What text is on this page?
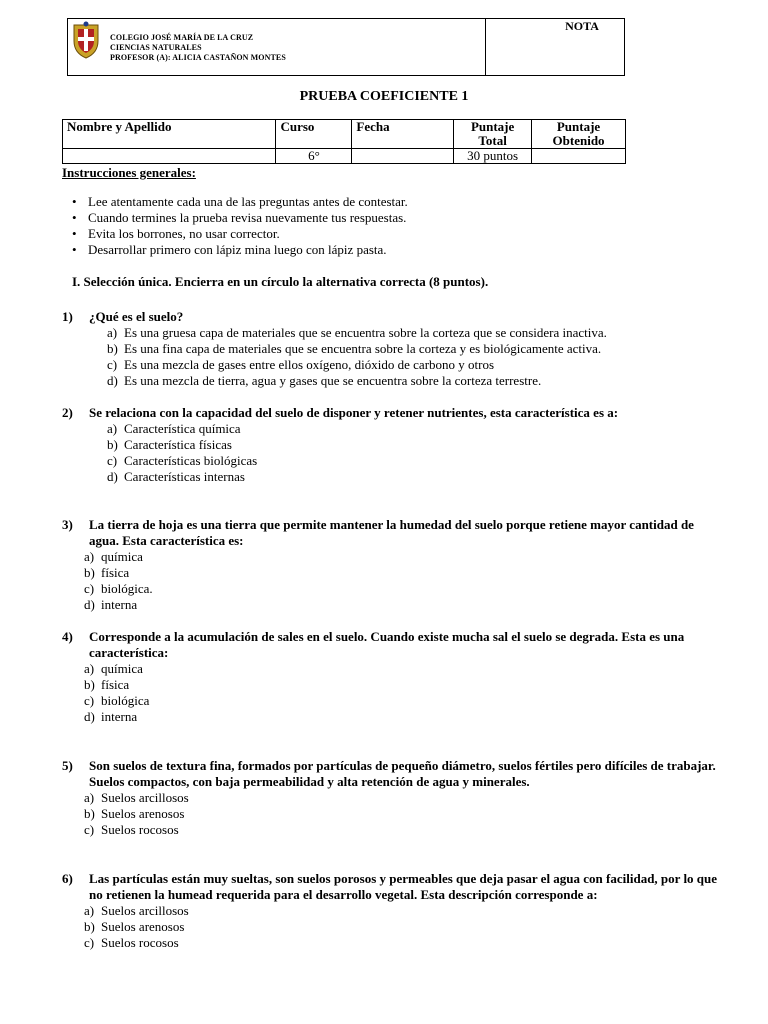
COLEGIO JOSÉ MARÍA DE LA CRUZ
CIENCIAS NATURALES
PROFESOR (A): ALICIA CASTAÑON MONTES
NOTA
PRUEBA COEFICIENTE 1
Nombre y Apellido	Curso	Fecha	Puntaje Total	Puntaje Obtenido
	6°		30 puntos	
Instrucciones generales:
• Lee atentamente cada una de las preguntas antes de contestar.
• Cuando termines la prueba revisa nuevamente tus respuestas.
• Evita los borrones, no usar corrector.
• Desarrollar primero con lápiz mina luego con lápiz pasta.
I. Selección única. Encierra en un círculo la alternativa correcta (8 puntos).
1) ¿Qué es el suelo?
a) Es una gruesa capa de materiales que se encuentra sobre la corteza que se considera inactiva.
b) Es una fina capa de materiales que se encuentra sobre la corteza y es biológicamente activa.
c) Es una mezcla de gases entre ellos oxígeno, dióxido de carbono y otros
d) Es una mezcla de tierra, agua y gases que se encuentra sobre la corteza terrestre.
2) Se relaciona con la capacidad del suelo de disponer y retener nutrientes, esta característica es a:
a) Característica química
b) Característica físicas
c) Características biológicas
d) Características internas
3) La tierra de hoja es una tierra que permite mantener la humedad del suelo porque retiene mayor cantidad de agua. Esta característica es:
a) química
b) física
c) biológica.
d) interna
4) Corresponde a la acumulación de sales en el suelo. Cuando existe mucha sal el suelo se degrada. Esta es una característica:
a) química
b) física
c) biológica
d) interna
5) Son suelos de textura fina, formados por partículas de pequeño diámetro, suelos fértiles pero difíciles de trabajar. Suelos compactos, con baja permeabilidad y alta retención de agua y minerales.
a) Suelos arcillosos
b) Suelos arenosos
c) Suelos rocosos
6) Las partículas están muy sueltas, son suelos porosos y permeables que deja pasar el agua con facilidad, por lo que no retienen la humead requerida para el desarrollo vegetal. Esta descripción corresponde a:
a) Suelos arcillosos
b) Suelos arenosos
c) Suelos rocosos
